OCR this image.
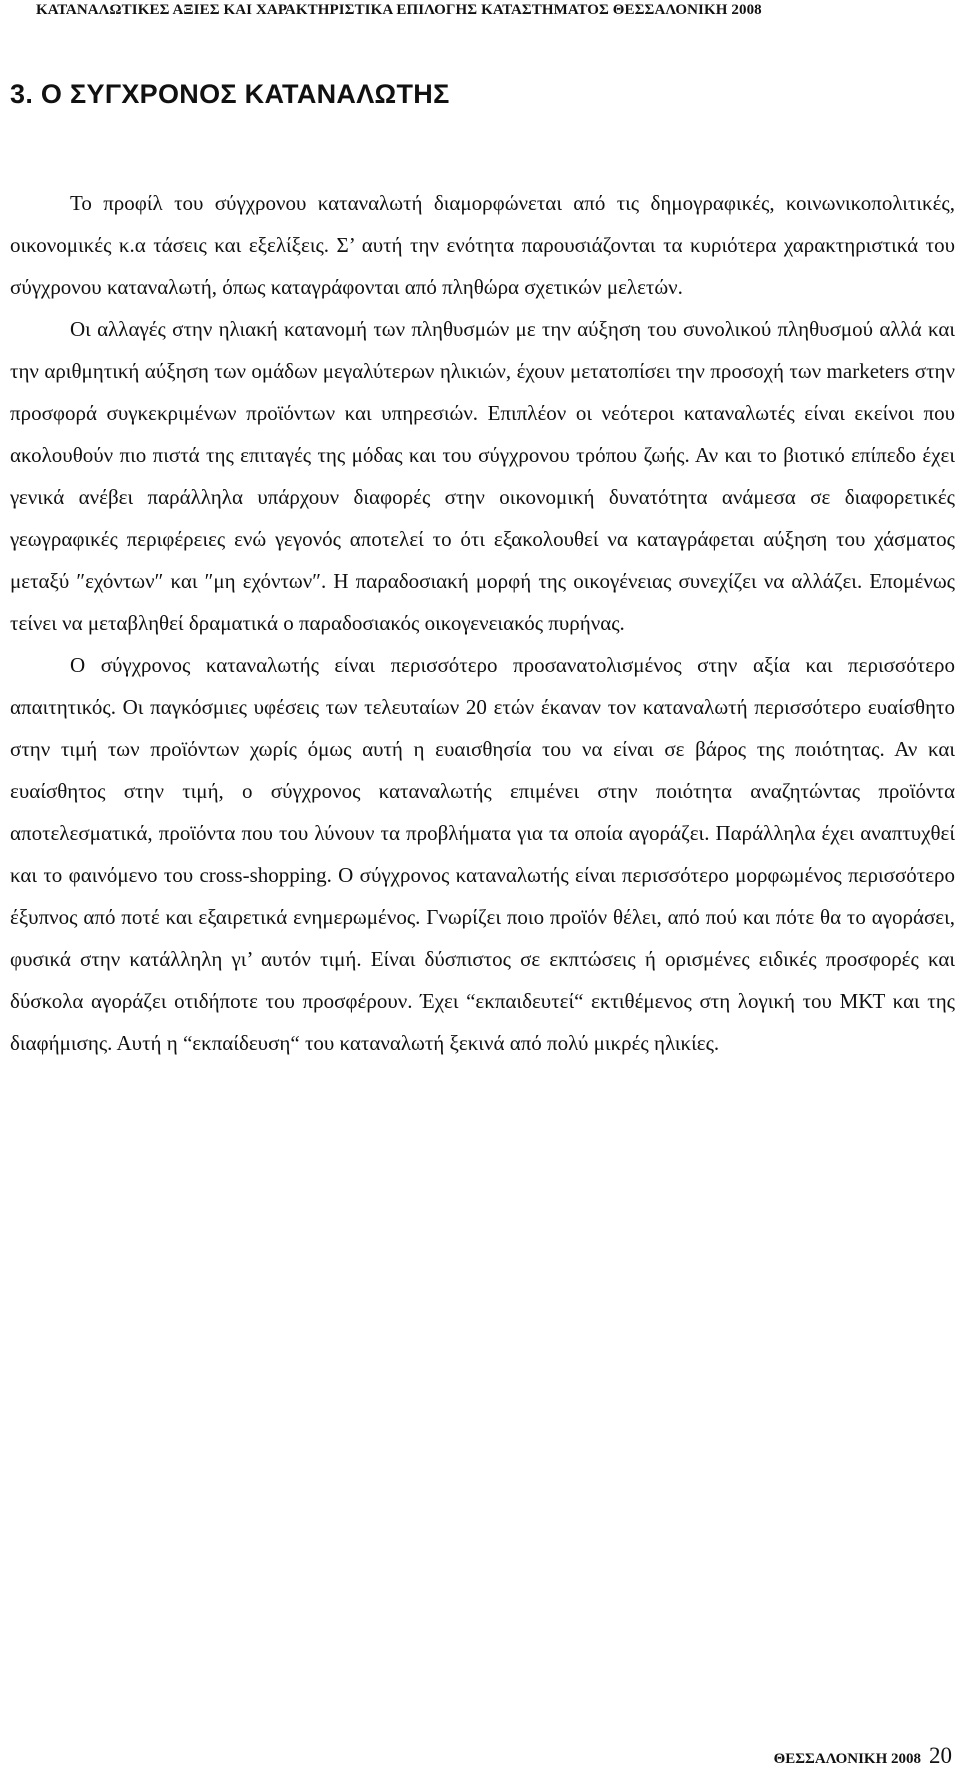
ΚΑΤΑΝΑΛΩΤΙΚΕΣ ΑΞΙΕΣ ΚΑΙ ΧΑΡΑΚΤΗΡΙΣΤΙΚΑ ΕΠΙΛΟΓΗΣ ΚΑΤΑΣΤΗΜΑΤΟΣ ΘΕΣΣΑΛΟΝΙΚΗ 2008
3. Ο ΣΥΓΧΡΟΝΟΣ ΚΑΤΑΝΑΛΩΤΗΣ

Το προφίλ του σύγχρονου καταναλωτή διαμορφώνεται από τις δημογραφικές, κοινωνικοπολιτικές, οικονομικές κ.α τάσεις και εξελίξεις. Σ’ αυτή την ενότητα παρουσιάζονται τα κυριότερα χαρακτηριστικά του σύγχρονου καταναλωτή, όπως καταγράφονται από πληθώρα σχετικών μελετών.

Οι αλλαγές στην ηλιακή κατανομή των πληθυσμών με την αύξηση του συνολικού πληθυσμού αλλά και την αριθμητική αύξηση των ομάδων μεγαλύτερων ηλικιών, έχουν μετατοπίσει την προσοχή των marketers στην προσφορά συγκεκριμένων προϊόντων και υπηρεσιών. Επιπλέον οι νεότεροι καταναλωτές είναι εκείνοι που ακολουθούν πιο πιστά της επιταγές της μόδας και του σύγχρονου τρόπου ζωής. Αν και το βιοτικό επίπεδο έχει γενικά ανέβει παράλληλα υπάρχουν διαφορές στην οικονομική δυνατότητα ανάμεσα σε διαφορετικές γεωγραφικές περιφέρειες ενώ γεγονός αποτελεί το ότι εξακολουθεί να καταγράφεται αύξηση του χάσματος μεταξύ ″εχόντων″ και ″μη εχόντων″. Η παραδοσιακή μορφή της οικογένειας συνεχίζει να αλλάζει. Επομένως τείνει να μεταβληθεί δραματικά ο παραδοσιακός οικογενειακός πυρήνας.

Ο σύγχρονος καταναλωτής είναι περισσότερο προσανατολισμένος στην αξία και περισσότερο απαιτητικός. Οι παγκόσμιες υφέσεις των τελευταίων 20 ετών έκαναν τον καταναλωτή περισσότερο ευαίσθητο στην τιμή των προϊόντων χωρίς όμως αυτή η ευαισθησία του να είναι σε βάρος της ποιότητας. Αν και ευαίσθητος στην τιμή, ο σύγχρονος καταναλωτής επιμένει στην ποιότητα αναζητώντας προϊόντα αποτελεσματικά, προϊόντα που του λύνουν τα προβλήματα για τα οποία αγοράζει. Παράλληλα έχει αναπτυχθεί και το φαινόμενο του cross-shopping. Ο σύγχρονος καταναλωτής είναι περισσότερο μορφωμένος περισσότερο έξυπνος από ποτέ και εξαιρετικά ενημερωμένος. Γνωρίζει ποιο προϊόν θέλει, από πού και πότε θα το αγοράσει, φυσικά στην κατάλληλη γι’ αυτόν τιμή. Είναι δύσπιστος σε εκπτώσεις ή ορισμένες ειδικές προσφορές και δύσκολα αγοράζει οτιδήποτε του προσφέρουν. Έχει “εκπαιδευτεί“ εκτιθέμενος στη λογική του ΜΚΤ και της διαφήμισης. Αυτή η “εκπαίδευση“ του καταναλωτή ξεκινά από πολύ μικρές ηλικίες.

ΘΕΣΣΑΛΟΝΙΚΗ 2008 20
